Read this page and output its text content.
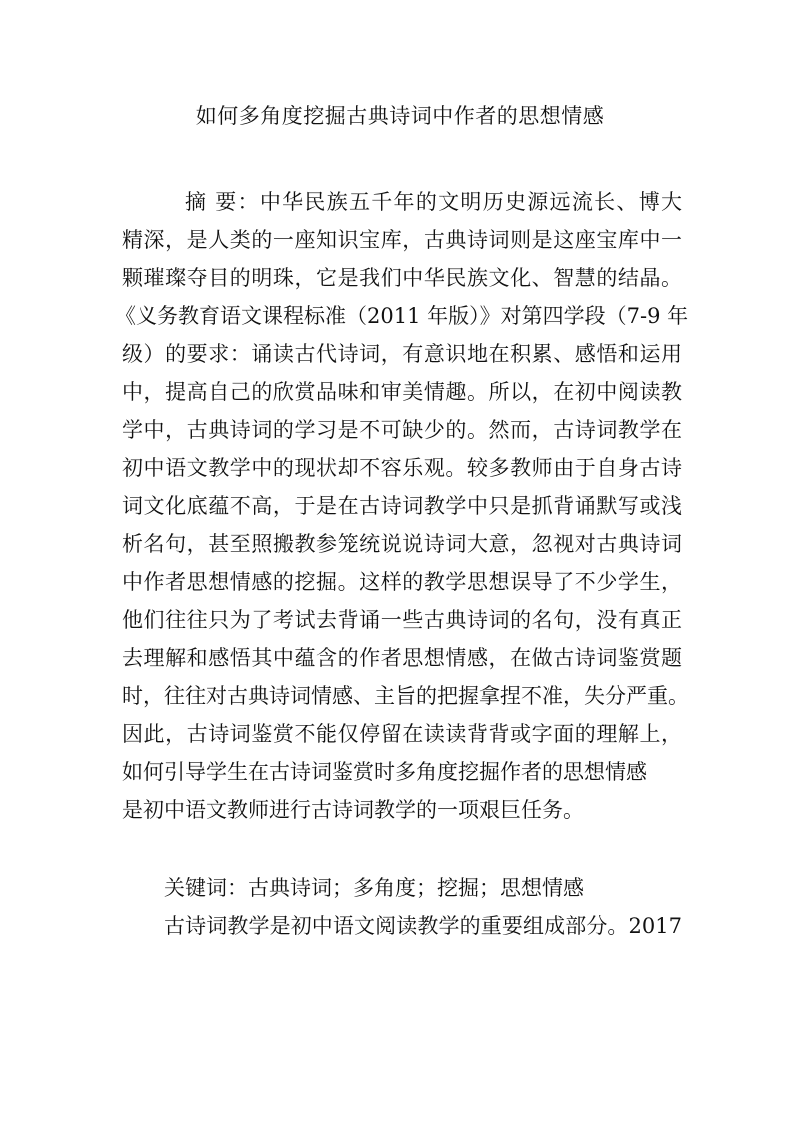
如何多角度挖掘古典诗词中作者的思想情感

摘 要：中华民族五千年的文明历史源远流长、博大

精深，是人类的一座知识宝库，古典诗词则是这座宝库中一

颗璀璨夺目的明珠，它是我们中华民族文化、智慧的结晶。

《义务教育语文课程标准（2011 年版）》对第四学段（7-9 年

级）的要求：诵读古代诗词，有意识地在积累、感悟和运用

中，提高自己的欣赏品味和审美情趣。所以，在初中阅读教

学中，古典诗词的学习是不可缺少的。然而，古诗词教学在

初中语文教学中的现状却不容乐观。较多教师由于自身古诗

词文化底蕴不高，于是在古诗词教学中只是抓背诵默写或浅

析名句，甚至照搬教参笼统说说诗词大意，忽视对古典诗词

中作者思想情感的挖掘。这样的教学思想误导了不少学生，

他们往往只为了考试去背诵一些古典诗词的名句，没有真正

去理解和感悟其中蕴含的作者思想情感，在做古诗词鉴赏题

时，往往对古典诗词情感、主旨的把握拿捏不准，失分严重。

因此，古诗词鉴赏不能仅停留在读读背背或字面的理解上，

如何引导学生在古诗词鉴赏时多角度挖掘作者的思想情感

是初中语文教师进行古诗词教学的一项艰巨任务。

关键词：古典诗词；多角度；挖掘；思想情感

古诗词教学是初中语文阅读教学的重要组成部分。2017
